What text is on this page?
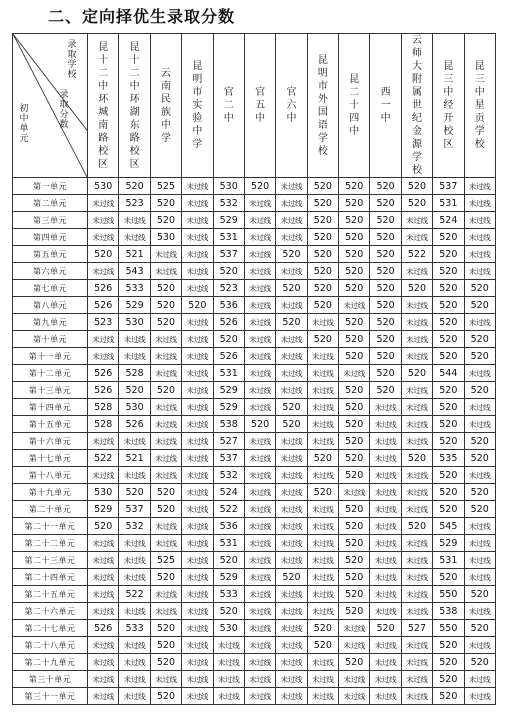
二、定向择优生录取分数
录取学校
录取分数
初中单元	昆十二中环城南路校区	昆十二中环湖东路校区	云南民族中学	昆明市实验中学	官二中	官五中	官六中	昆明市外国语学校	昆二十四中	西一中	云师大附属世纪金源学校	昆三中经开校区	昆三中星贡学校
第一单元	530	520	525	未过线	530	520	未过线	520	520	520	520	537	未过线
第二单元	未过线	523	520	未过线	532	未过线	未过线	520	520	520	520	531	未过线
第三单元	未过线	未过线	520	未过线	529	未过线	未过线	520	520	520	未过线	524	未过线
第四单元	未过线	未过线	530	未过线	531	未过线	未过线	520	520	520	未过线	520	未过线
第五单元	520	521	未过线	未过线	537	未过线	520	520	520	520	522	520	未过线
第六单元	未过线	543	未过线	未过线	520	未过线	未过线	520	520	520	未过线	520	未过线
第七单元	526	533	520	未过线	523	未过线	520	520	520	520	520	520	520
第八单元	526	529	520	520	536	未过线	未过线	520	未过线	520	未过线	520	520
第九单元	523	530	520	未过线	526	未过线	520	未过线	520	520	未过线	520	未过线
第十单元	未过线	未过线	未过线	未过线	520	未过线	未过线	520	520	520	未过线	520	520
第十一单元	未过线	未过线	未过线	未过线	526	未过线	未过线	未过线	520	520	未过线	520	520
第十二单元	526	528	未过线	未过线	531	未过线	未过线	未过线	未过线	520	520	544	未过线
第十三单元	526	520	520	未过线	529	未过线	未过线	未过线	520	520	未过线	520	520
第十四单元	528	530	未过线	未过线	529	未过线	520	未过线	520	未过线	未过线	520	未过线
第十五单元	528	526	未过线	未过线	538	520	520	未过线	520	未过线	未过线	520	未过线
第十六单元	未过线	未过线	未过线	未过线	527	未过线	未过线	未过线	520	未过线	未过线	520	520
第十七单元	522	521	未过线	未过线	537	未过线	未过线	520	520	未过线	520	535	520
第十八单元	未过线	未过线	未过线	未过线	532	未过线	未过线	未过线	520	未过线	未过线	520	未过线
第十九单元	530	520	520	未过线	524	未过线	未过线	520	未过线	未过线	未过线	520	520
第二十单元	529	537	520	未过线	522	未过线	未过线	未过线	520	未过线	未过线	520	520
第二十一单元	520	532	未过线	未过线	536	未过线	未过线	未过线	520	未过线	520	545	未过线
第二十二单元	未过线	未过线	未过线	未过线	531	未过线	未过线	未过线	520	未过线	未过线	529	未过线
第二十三单元	未过线	未过线	525	未过线	520	未过线	未过线	未过线	520	未过线	未过线	531	未过线
第二十四单元	未过线	未过线	520	未过线	529	未过线	520	未过线	520	未过线	未过线	520	未过线
第二十五单元	未过线	522	未过线	未过线	533	未过线	未过线	未过线	520	未过线	未过线	550	520
第二十六单元	未过线	未过线	未过线	未过线	520	未过线	未过线	未过线	520	未过线	未过线	538	未过线
第二十七单元	526	533	520	未过线	530	未过线	未过线	520	未过线	520	527	550	520
第二十八单元	未过线	未过线	520	未过线	未过线	未过线	未过线	520	未过线	未过线	未过线	520	未过线
第二十九单元	未过线	未过线	520	未过线	未过线	未过线	未过线	未过线	520	未过线	未过线	520	520
第三十单元	未过线	未过线	未过线	未过线	未过线	未过线	未过线	未过线	未过线	未过线	未过线	520	未过线
第三十一单元	未过线	未过线	520	未过线	未过线	未过线	未过线	未过线	未过线	未过线	未过线	520	未过线
